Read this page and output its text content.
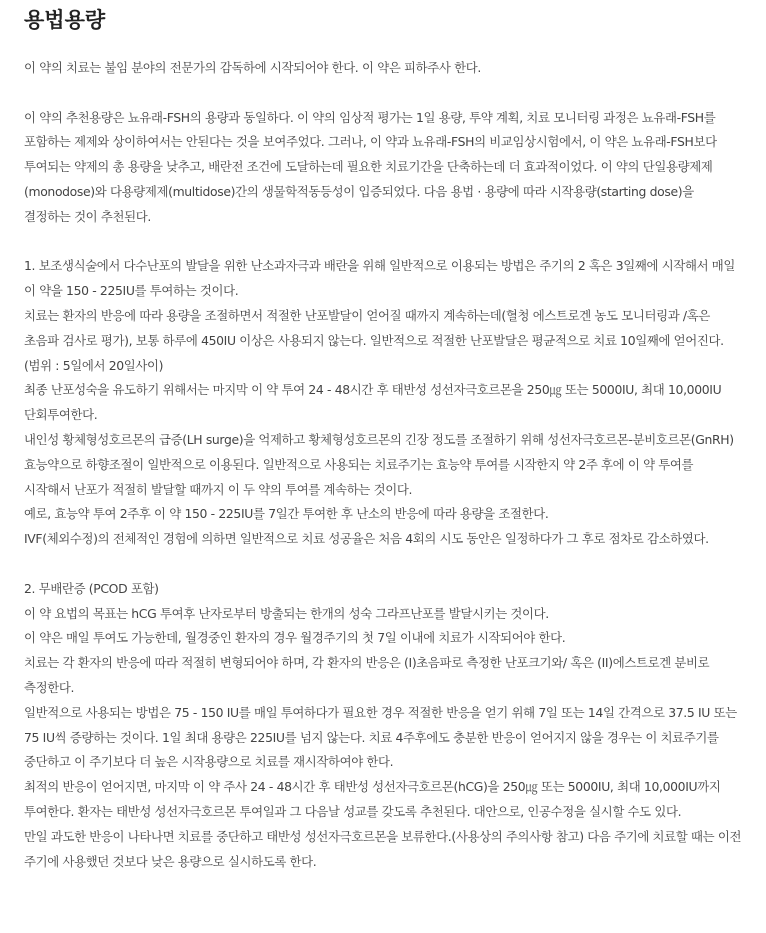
용법용량

이 약의 치료는 불임 분야의 전문가의 감독하에 시작되어야 한다. 이 약은 피하주사 한다.

이 약의 추천용량은 뇨유래-FSH의 용량과 동일하다. 이 약의 임상적 평가는 1일 용량, 투약 계획, 치료 모니터링 과정은 뇨유래-FSH를 포함하는 제제와 상이하여서는 안된다는 것을 보여주었다. 그러나, 이 약과 뇨유래-FSH의 비교임상시험에서, 이 약은 뇨유래-FSH보다 투여되는 약제의 총 용량을 낮추고, 배란전 조건에 도달하는데 필요한 치료기간을 단축하는데 더 효과적이었다. 이 약의 단일용량제제(monodose)와 다용량제제(multidose)간의 생물학적동등성이 입증되었다. 다음 용법 · 용량에 따라 시작용량(starting dose)을 결정하는 것이 추천된다.

1. 보조생식술에서 다수난포의 발달을 위한 난소과자극과 배란을 위해 일반적으로 이용되는 방법은 주기의 2 혹은 3일째에 시작해서 매일 이 약을 150 - 225IU를 투여하는 것이다.

치료는 환자의 반응에 따라 용량을 조절하면서 적절한 난포발달이 얻어질 때까지 계속하는데(혈청 에스트로겐 농도 모니터링과 /혹은 초음파 검사로 평가), 보통 하루에 450IU 이상은 사용되지 않는다. 일반적으로 적절한 난포발달은 평균적으로 치료 10일째에 얻어진다. (범위 : 5일에서 20일사이)

최종 난포성숙을 유도하기 위해서는 마지막 이 약 투여 24 - 48시간 후 태반성 성선자극호르몬을 250㎍ 또는 5000IU, 최대 10,000IU 단회투여한다.

내인성 황체형성호르몬의 급증(LH surge)을 억제하고 황체형성호르몬의 긴장 정도를 조절하기 위해 성선자극호르몬-분비호르몬(GnRH) 효능약으로 하향조절이 일반적으로 이용된다. 일반적으로 사용되는 치료주기는 효능약 투여를 시작한지 약 2주 후에 이 약 투여를 시작해서 난포가 적절히 발달할 때까지 이 두 약의 투여를 계속하는 것이다.

예로, 효능약 투여 2주후 이 약 150 - 225IU를 7일간 투여한 후 난소의 반응에 따라 용량을 조절한다.

IVF(체외수정)의 전체적인 경험에 의하면 일반적으로 치료 성공율은 처음 4회의 시도 동안은 일정하다가 그 후로 점차로 감소하였다.

2. 무배란증 (PCOD 포함)

이 약 요법의 목표는 hCG 투여후 난자로부터 방출되는 한개의 성숙 그라프난포를 발달시키는 것이다.

이 약은 매일 투여도 가능한데, 월경중인 환자의 경우 월경주기의 첫 7일 이내에 치료가 시작되어야 한다.

치료는 각 환자의 반응에 따라 적절히 변형되어야 하며, 각 환자의 반응은 (I)초음파로 측정한 난포크기와/ 혹은 (II)에스트로겐 분비로 측정한다.

일반적으로 사용되는 방법은 75 - 150 IU를 매일 투여하다가 필요한 경우 적절한 반응을 얻기 위해 7일 또는 14일 간격으로 37.5 IU 또는 75 IU씩 증량하는 것이다. 1일 최대 용량은 225IU를 넘지 않는다. 치료 4주후에도 충분한 반응이 얻어지지 않을 경우는 이 치료주기를 중단하고 이 주기보다 더 높은 시작용량으로 치료를 재시작하여야 한다.

최적의 반응이 얻어지면, 마지막 이 약 주사 24 - 48시간 후 태반성 성선자극호르몬(hCG)을 250㎍ 또는 5000IU, 최대 10,000IU까지 투여한다. 환자는 태반성 성선자극호르몬 투여일과 그 다음날 성교를 갖도록 추천된다. 대안으로, 인공수정을 실시할 수도 있다.

만일 과도한 반응이 나타나면 치료를 중단하고 태반성 성선자극호르몬을 보류한다.(사용상의 주의사항 참고) 다음 주기에 치료할 때는 이전 주기에 사용했던 것보다 낮은 용량으로 실시하도록 한다.
